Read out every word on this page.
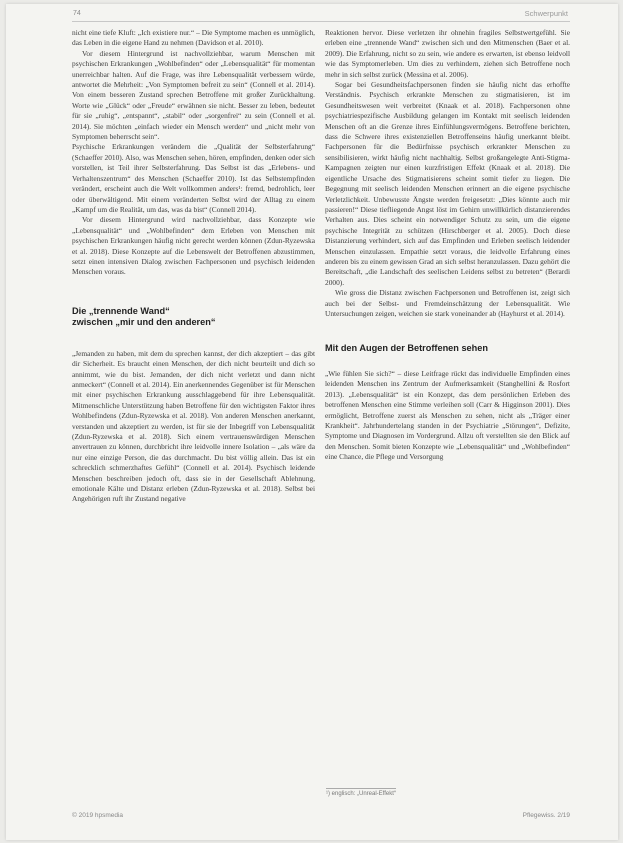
74	Schwerpunkt

nicht eine tiefe Kluft: „Ich existiere nur.“ – Die Symptome machen es unmöglich, das Leben in die eigene Hand zu nehmen (Davidson et al. 2010).

Vor diesem Hintergrund ist nachvollziehbar, warum Menschen mit psychischen Erkrankungen „Wohlbefinden“ oder „Lebensqualität“ für momentan unerreichbar halten. Auf die Frage, was ihre Lebensqualität verbessern würde, antwortet die Mehrheit: „Von Symptomen befreit zu sein“ (Connell et al. 2014). Von einem besseren Zustand sprechen Betroffene mit großer Zurückhaltung. Worte wie „Glück“ oder „Freude“ erwähnen sie nicht. Besser zu leben, bedeutet für sie „ruhig“, „entspannt“, „stabil“ oder „sorgenfrei“ zu sein (Connell et al. 2014). Sie möchten „einfach wieder ein Mensch werden“ und „nicht mehr von Symptomen beherrscht sein“.

Psychische Erkrankungen verändern die „Qualität der Selbsterfahrung“ (Schaeffer 2010). Also, was Menschen sehen, hören, empfinden, denken oder sich vorstellen, ist Teil ihrer Selbsterfahrung. Das Selbst ist das „Erlebens- und Verhaltenszentrum“ des Menschen (Schaeffer 2010). Ist das Selbstempfinden verändert, erscheint auch die Welt vollkommen anders¹: fremd, bedrohlich, leer oder überwältigend. Mit einem veränderten Selbst wird der Alltag zu einem „Kampf um die Realität, um das, was da bist“ (Connell 2014).

Vor diesem Hintergrund wird nachvollziehbar, dass Konzepte wie „Lebensqualität“ und „Wohlbefinden“ dem Erleben von Menschen mit psychischen Erkrankungen häufig nicht gerecht werden können (Zdun-Ryzewska et al. 2018). Diese Konzepte auf die Lebenswelt der Betroffenen abzustimmen, setzt einen intensiven Dialog zwischen Fachpersonen und psychisch leidenden Menschen voraus.

Die „trennende Wand“
zwischen „mir und den anderen“

„Jemanden zu haben, mit dem du sprechen kannst, der dich akzeptiert – das gibt dir Sicherheit. Es braucht einen Menschen, der dich nicht beurteilt und dich so annimmt, wie du bist. Jemanden, der dich nicht verletzt und dann nicht anmeckert“ (Connell et al. 2014). Ein anerkennendes Gegenüber ist für Menschen mit einer psychischen Erkrankung ausschlaggebend für ihre Lebensqualität. Mitmenschliche Unterstützung haben Betroffene für den wichtigsten Faktor ihres Wohlbefindens (Zdun-Ryzewska et al. 2018). Von anderen Menschen anerkannt, verstanden und akzeptiert zu werden, ist für sie der Inbegriff von Lebensqualität (Zdun-Ryzewska et al. 2018). Sich einem vertrauenswürdigen Menschen anvertrauen zu können, durchbricht ihre leidvolle innere Isolation – „als wäre da nur eine einzige Person, die das durchmacht. Du bist völlig allein. Das ist ein schrecklich schmerzhaftes Gefühl“ (Connell et al. 2014). Psychisch leidende Menschen beschreiben jedoch oft, dass sie in der Gesellschaft Ablehnung, emotionale Kälte und Distanz erleben (Zdun-Ryzewska et al. 2018). Selbst bei Angehörigen ruft ihr Zustand negative

Reaktionen hervor. Diese verletzen ihr ohnehin fragiles Selbstwertgefühl. Sie erleben eine „trennende Wand“ zwischen sich und den Mitmenschen (Baer et al. 2009). Die Erfahrung, nicht so zu sein, wie andere es erwarten, ist ebenso leidvoll wie das Symptomerleben. Um dies zu verhindern, ziehen sich Betroffene noch mehr in sich selbst zurück (Messina et al. 2006).

Sogar bei Gesundheitsfachpersonen finden sie häufig nicht das erhoffte Verständnis. Psychisch erkrankte Menschen zu stigmatisieren, ist im Gesundheitswesen weit verbreitet (Knaak et al. 2018). Fachpersonen ohne psychiatriespezifische Ausbildung gelangen im Kontakt mit seelisch leidenden Menschen oft an die Grenze ihres Einfühlungsvermögens. Betroffene berichten, dass die Schwere ihres existenziellen Betroffenseins häufig unerkannt bleibt. Fachpersonen für die Bedürfnisse psychisch erkrankter Menschen zu sensibilisieren, wirkt häufig nicht nachhaltig. Selbst großangelegte Anti-Stigma-Kampagnen zeigten nur einen kurzfristigen Effekt (Knaak et al. 2018). Die eigentliche Ursache des Stigmatisierens scheint somit tiefer zu liegen. Die Begegnung mit seelisch leidenden Menschen erinnert an die eigene psychische Verletzlichkeit. Unbewusste Ängste werden freigesetzt: „Dies könnte auch mir passieren!“ Diese tiefliegende Angst löst im Gehirn unwillkürlich distanzierendes Verhalten aus. Dies scheint ein notwendiger Schutz zu sein, um die eigene psychische Integrität zu schützen (Hirschberger et al. 2005). Doch diese Distanzierung verhindert, sich auf das Empfinden und Erleben seelisch leidender Menschen einzulassen. Empathie setzt voraus, die leidvolle Erfahrung eines anderen bis zu einem gewissen Grad an sich selbst heranzulassen. Dazu gehört die Bereitschaft, „die Landschaft des seelischen Leidens selbst zu betreten“ (Berardi 2000).

Wie gross die Distanz zwischen Fachpersonen und Betroffenen ist, zeigt sich auch bei der Selbst- und Fremdeinschätzung der Lebensqualität. Wie Untersuchungen zeigen, weichen sie stark voneinander ab (Hayhurst et al. 2014).

Mit den Augen der Betroffenen sehen

„Wie fühlen Sie sich?“ – diese Leitfrage rückt das individuelle Empfinden eines leidenden Menschen ins Zentrum der Aufmerksamkeit (Stanghellini & Rosfort 2013). „Lebensqualität“ ist ein Konzept, das dem persönlichen Erleben des betroffenen Menschen eine Stimme verleihen soll (Carr & Higginson 2001). Dies ermöglicht, Betroffene zuerst als Menschen zu sehen, nicht als „Träger einer Krankheit“. Jahrhundertelang standen in der Psychiatrie „Störungen“, Defizite, Symptome und Diagnosen im Vordergrund. Allzu oft verstellten sie den Blick auf den Menschen. Somit bieten Konzepte wie „Lebensqualität“ und „Wohlbefinden“ eine Chance, die Pflege und Versorgung

¹) englisch: „Unreal-Effekt“
© 2019 hpsmedia	Pflegewiss. 2/19
